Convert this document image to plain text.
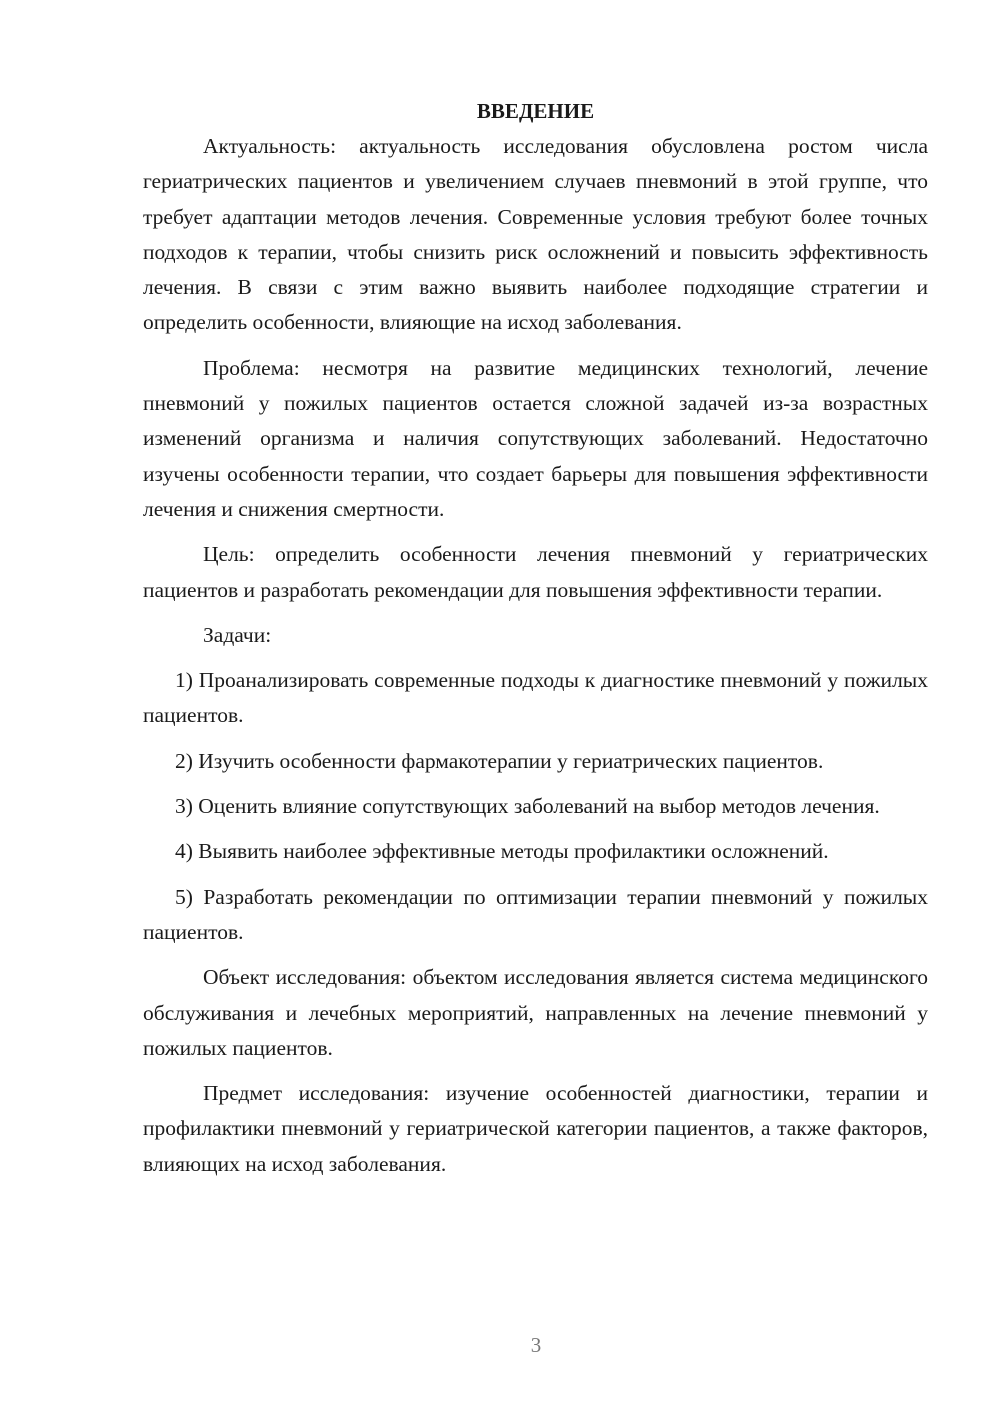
ВВЕДЕНИЕ

Актуальность: актуальность исследования обусловлена ростом числа гериатрических пациентов и увеличением случаев пневмоний в этой группе, что требует адаптации методов лечения. Современные условия требуют более точных подходов к терапии, чтобы снизить риск осложнений и повысить эффективность лечения. В связи с этим важно выявить наиболее подходящие стратегии и определить особенности, влияющие на исход заболевания.

Проблема: несмотря на развитие медицинских технологий, лечение пневмоний у пожилых пациентов остается сложной задачей из-за возрастных изменений организма и наличия сопутствующих заболеваний. Недостаточно изучены особенности терапии, что создает барьеры для повышения эффективности лечения и снижения смертности.

Цель: определить особенности лечения пневмоний у гериатрических пациентов и разработать рекомендации для повышения эффективности терапии.

Задачи:

1) Проанализировать современные подходы к диагностике пневмоний у пожилых пациентов.

2) Изучить особенности фармакотерапии у гериатрических пациентов.

3) Оценить влияние сопутствующих заболеваний на выбор методов лечения.

4) Выявить наиболее эффективные методы профилактики осложнений.

5) Разработать рекомендации по оптимизации терапии пневмоний у пожилых пациентов.

Объект исследования: объектом исследования является система медицинского обслуживания и лечебных мероприятий, направленных на лечение пневмоний у пожилых пациентов.

Предмет исследования: изучение особенностей диагностики, терапии и профилактики пневмоний у гериатрической категории пациентов, а также факторов, влияющих на исход заболевания.

3
